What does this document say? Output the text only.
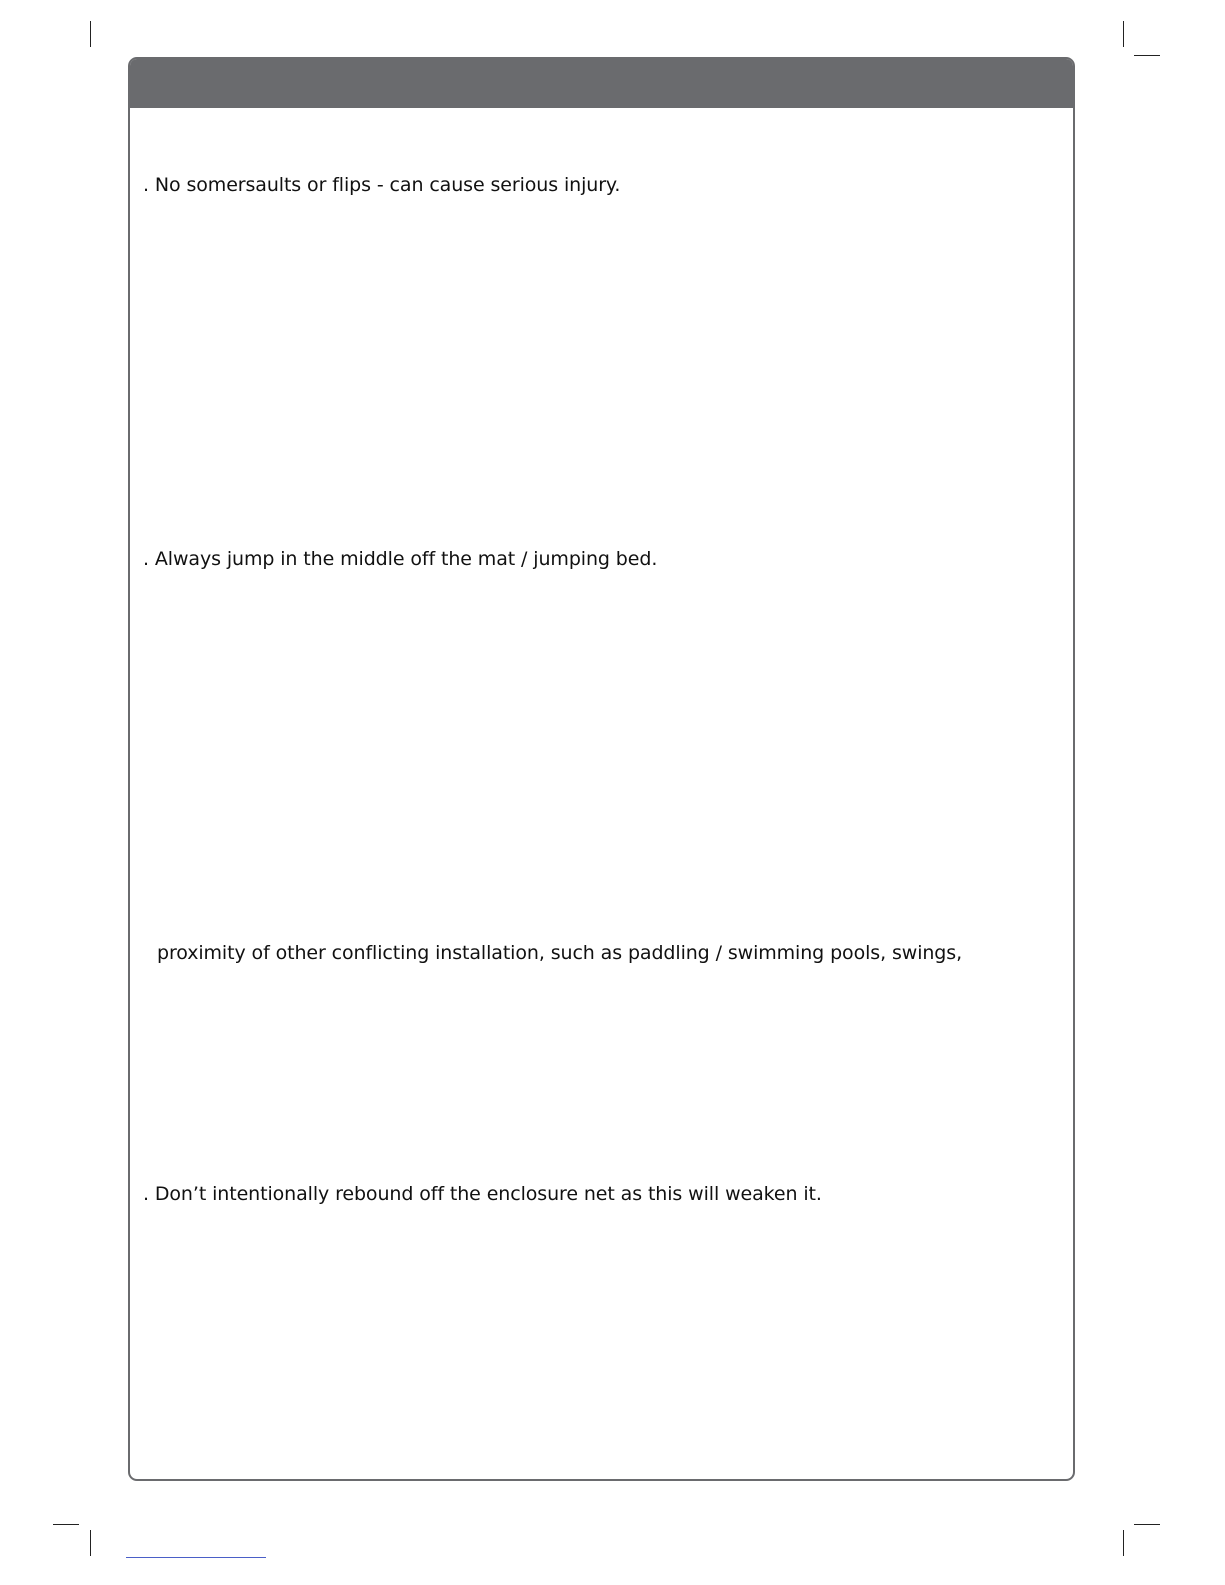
. No somersaults or flips - can cause serious injury.
. Always jump in the middle off the mat / jumping bed.
proximity of other conflicting installation, such as paddling / swimming pools, swings,
. Don’t intentionally rebound off the enclosure net as this will weaken it.
